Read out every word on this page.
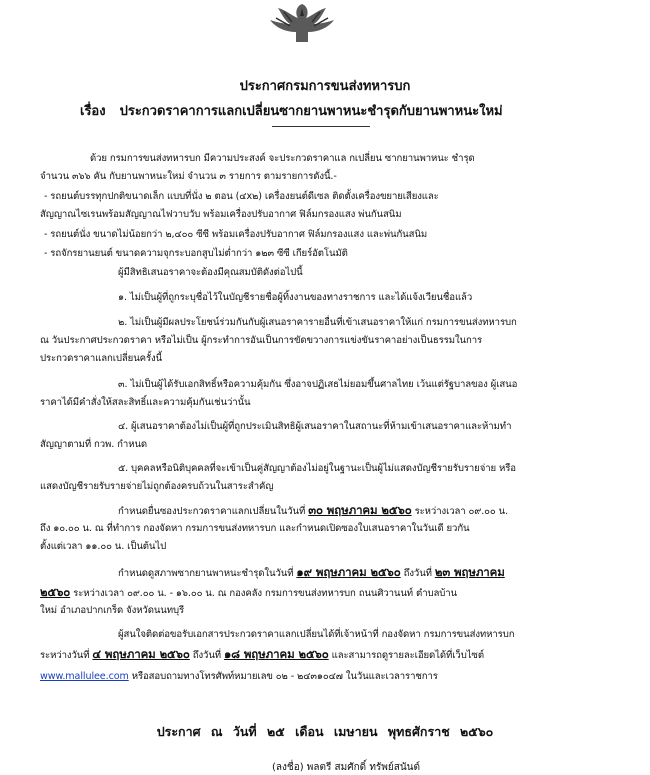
ประกาศกรมการขนส่งทหารบก
เรื่อง ประกวดราคาการแลกเปลี่ยนซากยานพาหนะชำรุดกับยานพาหนะใหม่
ด้วย กรมการขนส่งทหารบก มีความประสงค์ จะประกวดราคาแล กเปลี่ยน ซากยานพาหนะ ชำรุด
จำนวน ๓๖๖ คัน กับยานพาหนะใหม่ จำนวน ๓ รายการ ตามรายการดังนี้.-
- รถยนต์บรรทุกปกติขนาดเล็ก แบบที่นั่ง ๒ ตอน (๔x๒) เครื่องยนต์ดีเซล ติดตั้งเครื่องขยายเสียงและ
สัญญาณไซเรนพร้อมสัญญาณไฟวาบวับ พร้อมเครื่องปรับอากาศ ฟิล์มกรองแสง พ่นกันสนิม
- รถยนต์นั่ง ขนาดไม่น้อยกว่า ๒,๔๐๐ ซีซี พร้อมเครื่องปรับอากาศ ฟิล์มกรองแสง และพ่นกันสนิม
- รถจักรยานยนต์ ขนาดความจุกระบอกสูบไม่ต่ำกว่า ๑๒๓ ซีซี เกียร์อัตโนมัติ
ผู้มีสิทธิเสนอราคาจะต้องมีคุณสมบัติดังต่อไปนี้
๑. ไม่เป็นผู้ที่ถูกระบุชื่อไว้ในบัญชีรายชื่อผู้ทิ้งงานของทางราชการ และได้แจ้งเวียนชื่อแล้ว
๒. ไม่เป็นผู้มีผลประโยชน์ร่วมกันกับผู้เสนอราคารายอื่นที่เข้าเสนอราคาให้แก่ กรมการขนส่งทหารบก
ณ วันประกาศประกวดราคา หรือไม่เป็น ผู้กระทำการอันเป็นการขัดขวางการแข่งขันราคาอย่างเป็นธรรมในการ
ประกวดราคาแลกเปลี่ยนครั้งนี้
๓. ไม่เป็นผู้ได้รับเอกสิทธิ์หรือความคุ้มกัน ซึ่งอาจปฏิเสธไม่ยอมขึ้นศาลไทย เว้นแต่รัฐบาลของ ผู้เสนอ
ราคาได้มีคำสั่งให้สละสิทธิ์และความคุ้มกันเช่นว่านั้น
๔. ผู้เสนอราคาต้องไม่เป็นผู้ที่ถูกประเมินสิทธิผู้เสนอราคาในสถานะที่ห้ามเข้าเสนอราคาและห้ามทำ
สัญญาตามที่ กวพ. กำหนด
๕. บุคคลหรือนิติบุคคลที่จะเข้าเป็นคู่สัญญาต้องไม่อยู่ในฐานะเป็นผู้ไม่แสดงบัญชีรายรับรายจ่าย หรือ
แสดงบัญชีรายรับรายจ่ายไม่ถูกต้องครบถ้วนในสาระสำคัญ
กำหนดยื่นซองประกวดราคาแลกเปลี่ยนในวันที่ ๓๐ พฤษภาคม ๒๕๖๐ ระหว่างเวลา ๐๙.๐๐ น.
ถึง ๑๐.๐๐ น. ณ ที่ทำการ กองจัดหา กรมการขนส่งทหารบก และกำหนดเปิดซองใบเสนอราคาในวันเดี ยวกัน
ตั้งแต่เวลา ๑๑.๐๐ น. เป็นต้นไป
กำหนดดูสภาพซากยานพาหนะชำรุดในวันที่ ๑๙ พฤษภาคม ๒๕๖๐ ถึงวันที่ ๒๓ พฤษภาคม
๒๕๖๐ ระหว่างเวลา ๐๙.๐๐ น. - ๑๖.๐๐ น. ณ กองคลัง กรมการขนส่งทหารบก ถนนศิวานนท์ ตำบลบ้าน
ใหม่ อำเภอปากเกร็ด จังหวัดนนทบุรี
ผู้สนใจติดต่อขอรับเอกสารประกวดราคาแลกเปลี่ยนได้ที่เจ้าหน้าที่ กองจัดหา กรมการขนส่งทหารบก
ระหว่างวันที่ ๔ พฤษภาคม ๒๕๖๐ ถึงวันที่ ๑๘ พฤษภาคม ๒๕๖๐ และสามารถดูรายละเอียดได้ที่เว็บไซต์
www.mallulee.com หรือสอบถามทางโทรศัพท์หมายเลข ๐๒ - ๒๔๓๑๐๔๗ ในวันและเวลาราชการ
ประกาศ ณ วันที่ ๒๕ เดือน เมษายน พุทธศักราช ๒๕๖๐
(ลงชื่อ) พลตรี สมศักดิ์ ทรัพย์สนันต์
